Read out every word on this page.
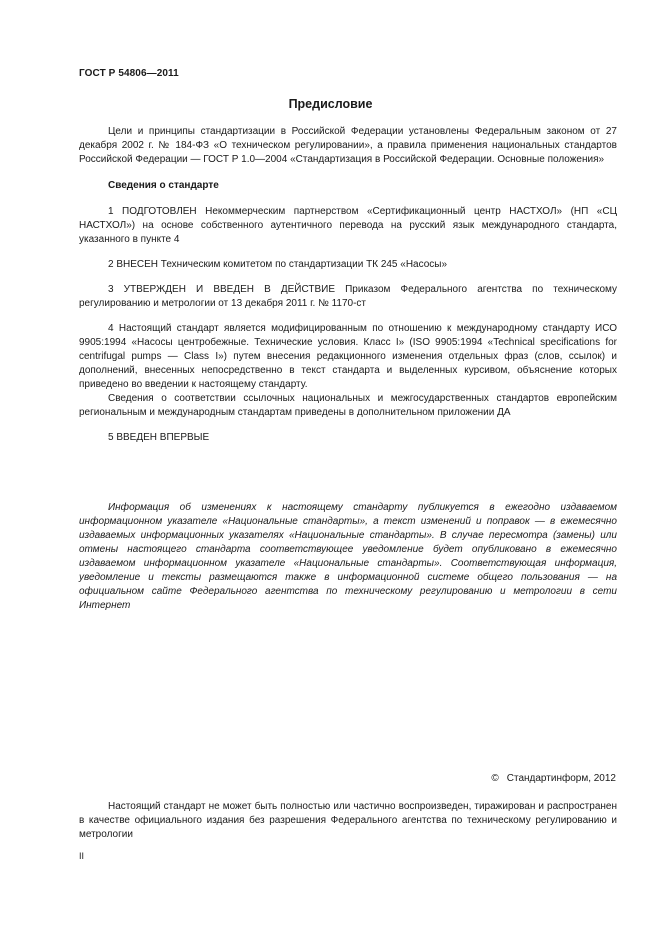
ГОСТ Р 54806—2011
Предисловие

Цели и принципы стандартизации в Российской Федерации установлены Федеральным законом от 27 декабря 2002 г. № 184-ФЗ «О техническом регулировании», а правила применения национальных стандартов Российской Федерации — ГОСТ Р 1.0—2004 «Стандартизация в Российской Федерации. Основные положения»

Сведения о стандарте

1 ПОДГОТОВЛЕН Некоммерческим партнерством «Сертификационный центр НАСТХОЛ» (НП «СЦ НАСТХОЛ») на основе собственного аутентичного перевода на русский язык международного стандарта, указанного в пункте 4

2 ВНЕСЕН Техническим комитетом по стандартизации ТК 245 «Насосы»

3 УТВЕРЖДЕН И ВВЕДЕН В ДЕЙСТВИЕ Приказом Федерального агентства по техническому регулированию и метрологии от 13 декабря 2011 г. № 1170-ст

4 Настоящий стандарт является модифицированным по отношению к международному стандарту ИСО 9905:1994 «Насосы центробежные. Технические условия. Класс I» (ISO 9905:1994 «Technical specifications for centrifugal pumps — Class I») путем внесения редакционного изменения отдельных фраз (слов, ссылок) и дополнений, внесенных непосредственно в текст стандарта и выделенных курсивом, объяснение которых приведено во введении к настоящему стандарту.

Сведения о соответствии ссылочных национальных и межгосударственных стандартов европейским региональным и международным стандартам приведены в дополнительном приложении ДА

5 ВВЕДЕН ВПЕРВЫЕ

Информация об изменениях к настоящему стандарту публикуется в ежегодно издаваемом информационном указателе «Национальные стандарты», а текст изменений и поправок — в ежемесячно издаваемых информационных указателях «Национальные стандарты». В случае пересмотра (замены) или отмены настоящего стандарта соответствующее уведомление будет опубликовано в ежемесячно издаваемом информационном указателе «Национальные стандарты». Соответствующая информация, уведомление и тексты размещаются также в информационной системе общего пользования — на официальном сайте Федерального агентства по техническому регулированию и метрологии в сети Интернет

© Стандартинформ, 2012

Настоящий стандарт не может быть полностью или частично воспроизведен, тиражирован и распространен в качестве официального издания без разрешения Федерального агентства по техническому регулированию и метрологии

II
